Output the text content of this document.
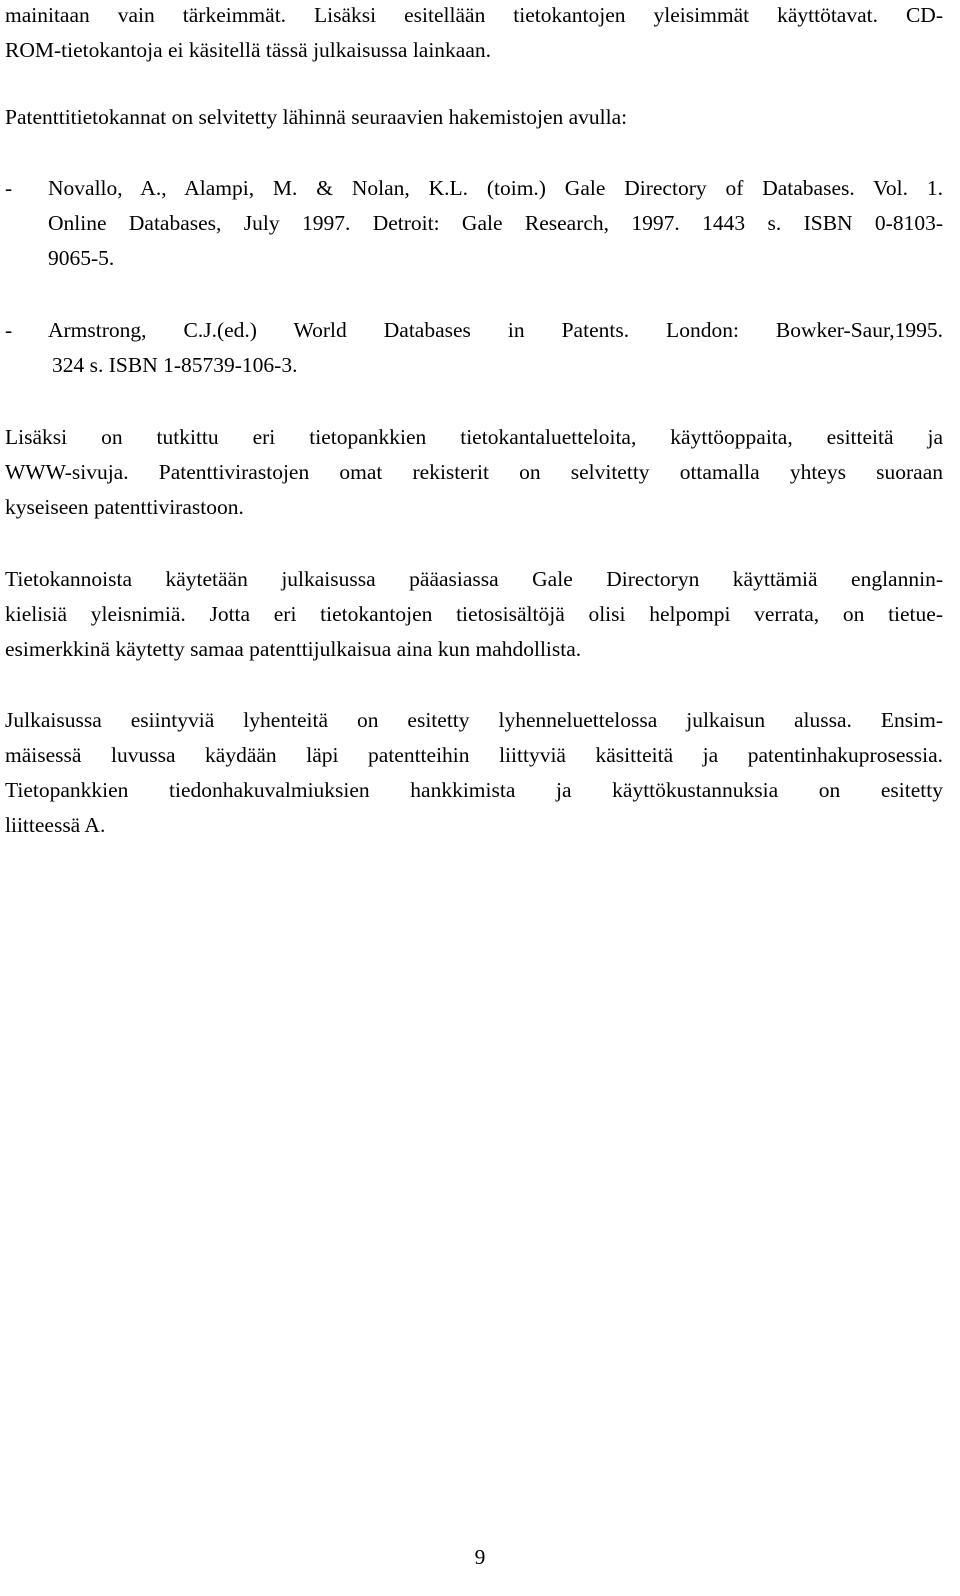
mainitaan vain tärkeimmät. Lisäksi esitellään tietokantojen yleisimmät käyttötavat. CD-
ROM-tietokantoja ei käsitellä tässä julkaisussa lainkaan.
Patenttitietokannat on selvitetty lähinnä seuraavien hakemistojen avulla:
- Novallo, A., Alampi, M. & Nolan, K.L. (toim.) Gale Directory of Databases. Vol. 1.
Online Databases, July 1997. Detroit: Gale Research, 1997. 1443 s. ISBN 0-8103-
9065-5.
- Armstrong, C.J.(ed.) World Databases in Patents. London: Bowker-Saur,1995.
324 s. ISBN 1-85739-106-3.
Lisäksi on tutkittu eri tietopankkien tietokantaluetteloita, käyttöoppaita, esitteitä ja
WWW-sivuja. Patenttivirastojen omat rekisterit on selvitetty ottamalla yhteys suoraan
kyseiseen patenttivirastoon.
Tietokannoista käytetään julkaisussa pääasiassa Gale Directoryn käyttämiä englannin-
kielisiä yleisnimiä. Jotta eri tietokantojen tietosisältöjä olisi helpompi verrata, on tietue-
esimerkkinä käytetty samaa patenttijulkaisua aina kun mahdollista.
Julkaisussa esiintyviä lyhenteitä on esitetty lyhenneluettelossa julkaisun alussa. Ensim-
mäisessä luvussa käydään läpi patentteihin liittyviä käsitteitä ja patentinhakuprosessia.
Tietopankkien tiedonhakuvalmiuksien hankkimista ja käyttökustannuksia on esitetty
liitteessä A.
9
